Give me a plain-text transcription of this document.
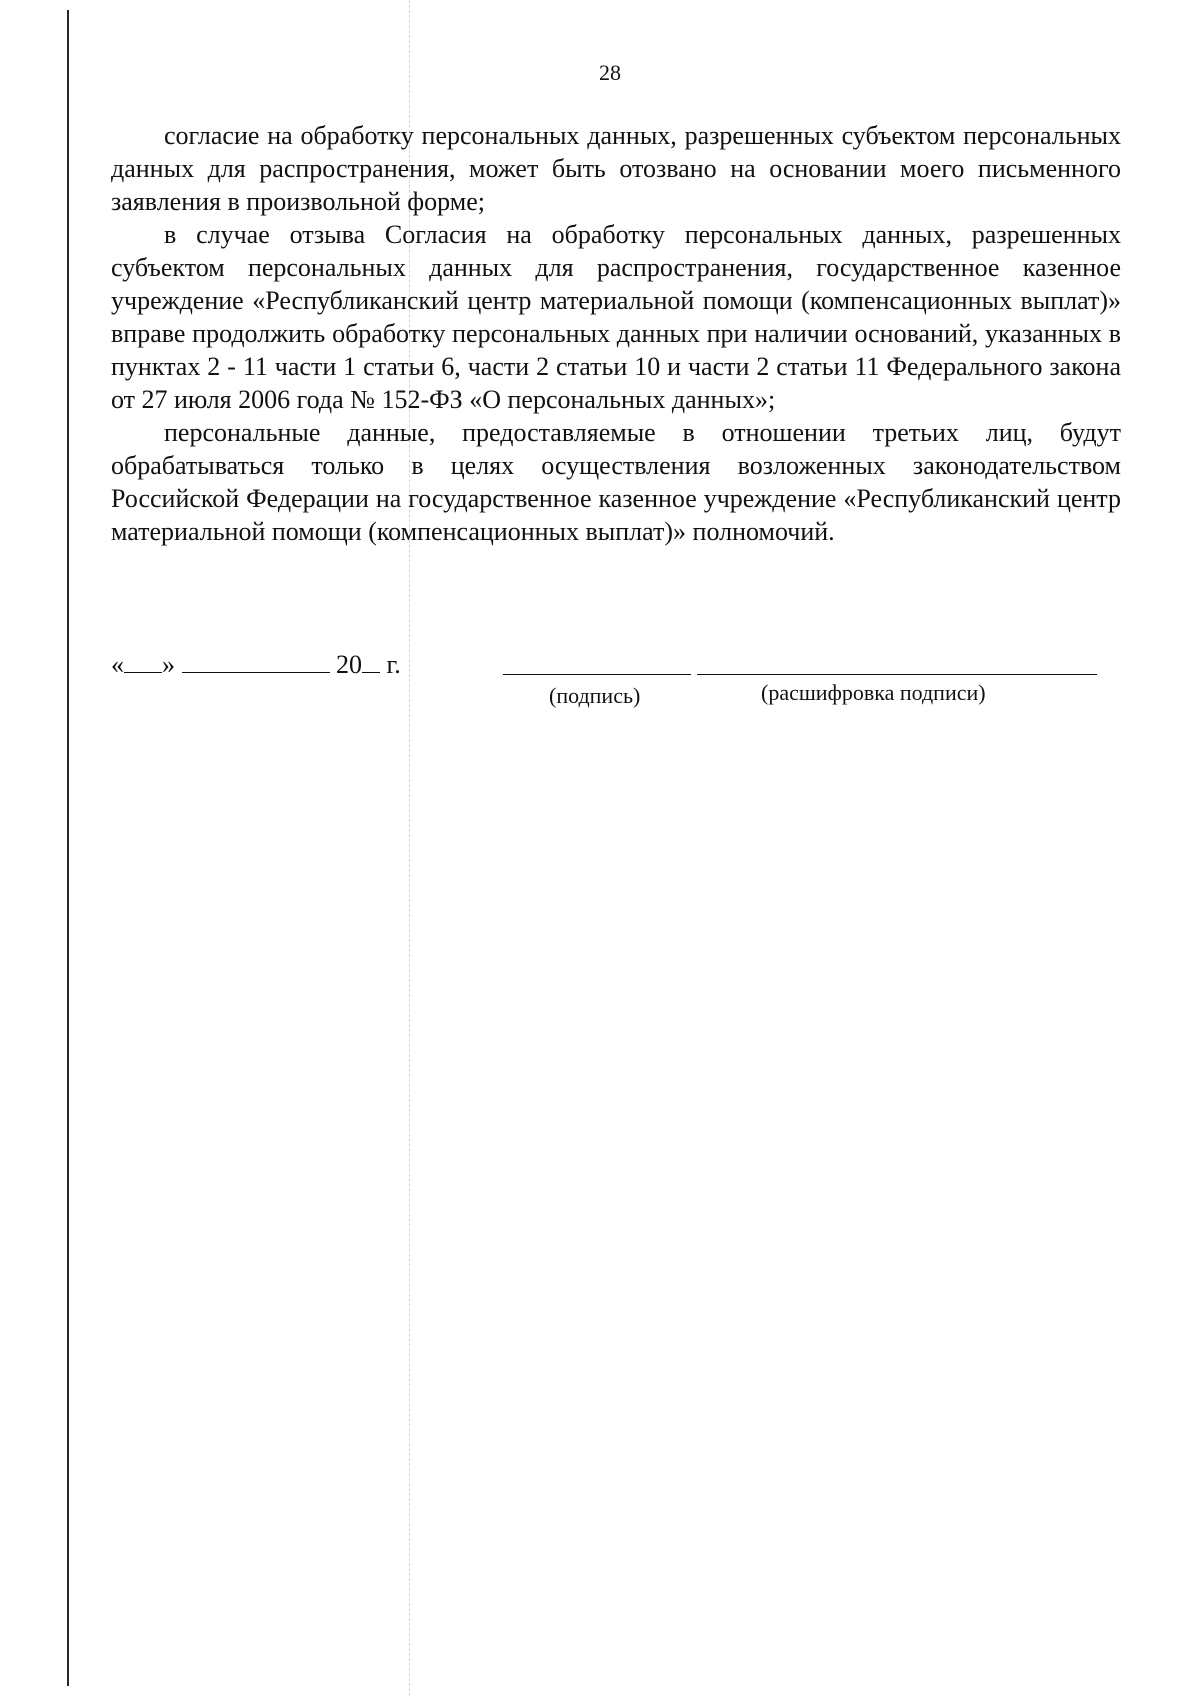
28

согласие на обработку персональных данных, разрешенных субъектом персональных данных для распространения, может быть отозвано на основании моего письменного заявления в произвольной форме;

в случае отзыва Согласия на обработку персональных данных, разрешенных субъектом персональных данных для распространения, государственное казенное учреждение «Республиканский центр материальной помощи (компенсационных выплат)» вправе продолжить обработку персональных данных при наличии оснований, указанных в пунктах 2 - 11 части 1 статьи 6, части 2 статьи 10 и части 2 статьи 11 Федерального закона от 27 июля 2006 года № 152-ФЗ «О персональных данных»;

персональные данные, предоставляемые в отношении третьих лиц, будут обрабатываться только в целях осуществления возложенных законодательством Российской Федерации на государственное казенное учреждение «Республиканский центр материальной помощи (компенсационных выплат)» полномочий.

« »	20 г.
(подпись)	(расшифровка подписи)
